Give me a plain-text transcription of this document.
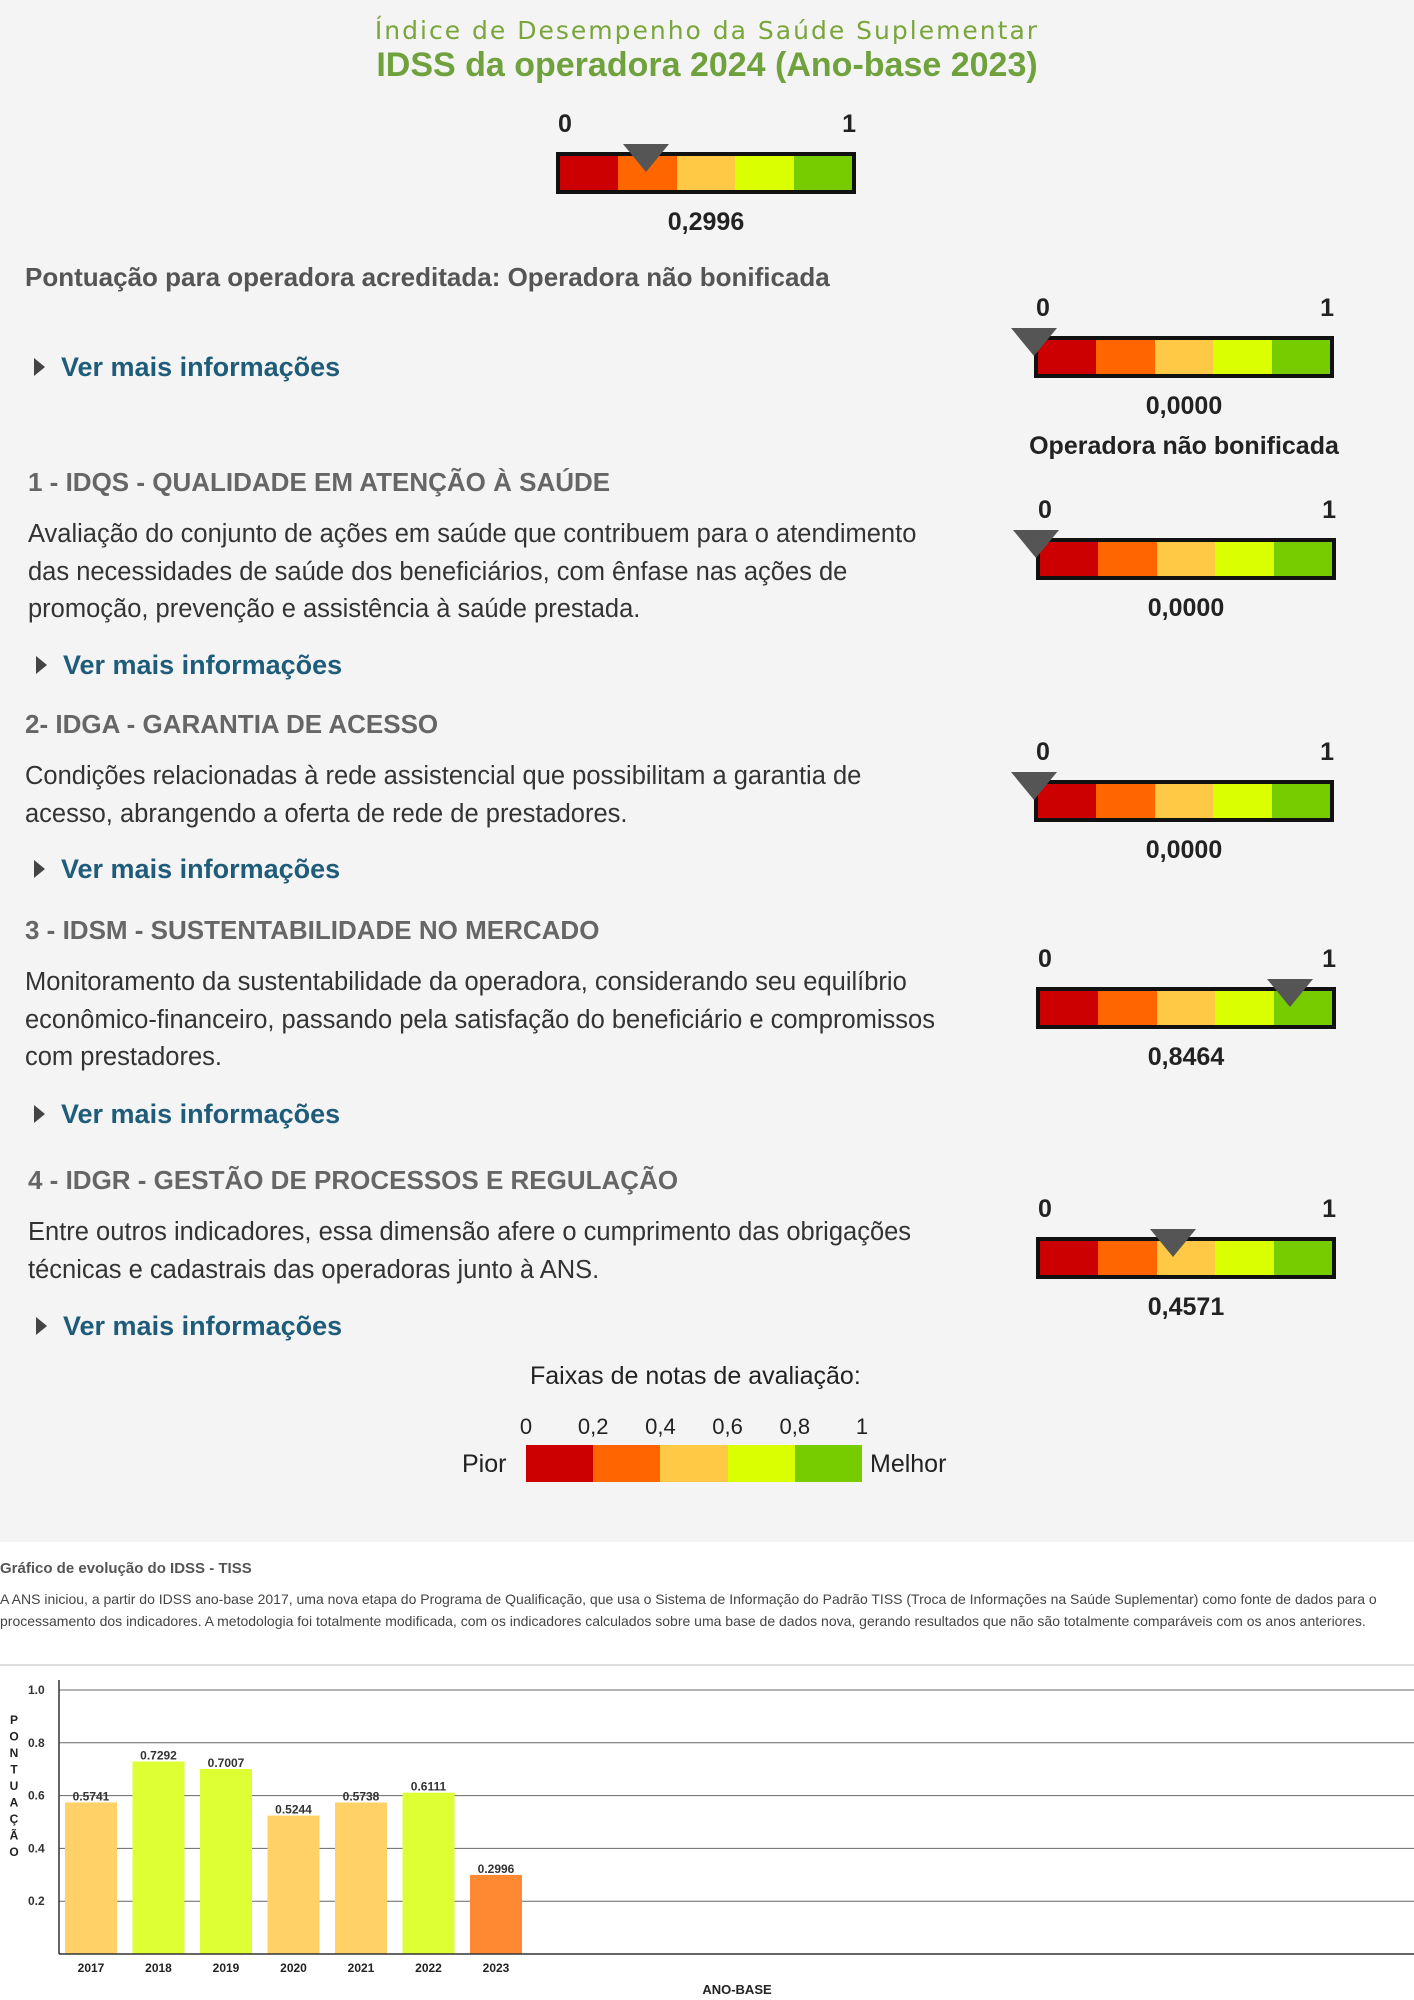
Índice de Desempenho da Saúde Suplementar
IDSS da operadora 2024 (Ano-base 2023)
0	1
0,2996
Pontuação para operadora acreditada: Operadora não bonificada
Ver mais informações
0	1
0,0000
Operadora não bonificada
1 - IDQS - QUALIDADE EM ATENÇÃO À SAÚDE
Avaliação do conjunto de ações em saúde que contribuem para o atendimento das necessidades de saúde dos beneficiários, com ênfase nas ações de promoção, prevenção e assistência à saúde prestada.
Ver mais informações
0	1
0,0000
2- IDGA - GARANTIA DE ACESSO
Condições relacionadas à rede assistencial que possibilitam a garantia de acesso, abrangendo a oferta de rede de prestadores.
Ver mais informações
0	1
0,0000
3 - IDSM - SUSTENTABILIDADE NO MERCADO
Monitoramento da sustentabilidade da operadora, considerando seu equilíbrio econômico-financeiro, passando pela satisfação do beneficiário e compromissos com prestadores.
Ver mais informações
0	1
0,8464
4 - IDGR - GESTÃO DE PROCESSOS E REGULAÇÃO
Entre outros indicadores, essa dimensão afere o cumprimento das obrigações técnicas e cadastrais das operadoras junto à ANS.
Ver mais informações
0	1
0,4571
Faixas de notas de avaliação:
0 0,2 0,4 0,6 0,8 1
Pior	Melhor
Gráfico de evolução do IDSS - TISS
A ANS iniciou, a partir do IDSS ano-base 2017, uma nova etapa do Programa de Qualificação, que usa o Sistema de Informação do Padrão TISS (Troca de Informações na Saúde Suplementar) como fonte de dados para o processamento dos indicadores. A metodologia foi totalmente modificada, com os indicadores calculados sobre uma base de dados nova, gerando resultados que não são totalmente comparáveis com os anos anteriores.
0.5741
0.7292
0.7007
0.5244
0.5738
0.6111
0.2996
0.2
0.4
0.6
0.8
1.0
2017	2018	2019	2020	2021	2022	2023
ANO-BASE
P
O
N
T
U
A
Ç
Ã
O
